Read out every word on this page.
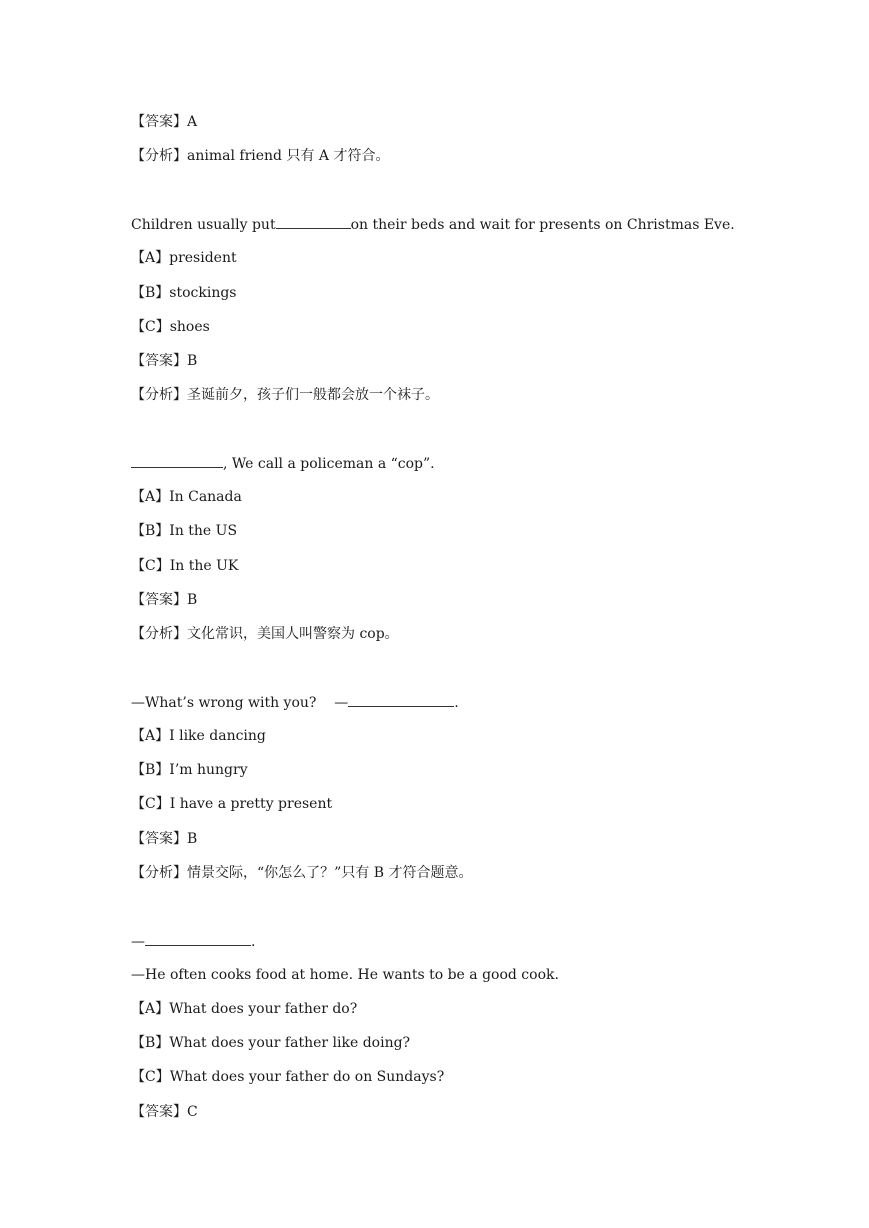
【答案】A
【分析】animal friend 只有 A 才符合。
Children usually put	on their beds and wait for presents on Christmas Eve.
【A】president
【B】stockings
【C】shoes
【答案】B
【分析】圣诞前夕，孩子们一般都会放一个袜子。
, We call a policeman a “cop”.
【A】In Canada
【B】In the US
【C】In the UK
【答案】B
【分析】文化常识，美国人叫警察为 cop。
—What’s wrong with you?    —	.
【A】I like dancing
【B】I’m hungry
【C】I have a pretty present
【答案】B
【分析】情景交际，“你怎么了？”只有 B 才符合题意。
—	.
—He often cooks food at home. He wants to be a good cook.
【A】What does your father do?
【B】What does your father like doing?
【C】What does your father do on Sundays?
【答案】C
